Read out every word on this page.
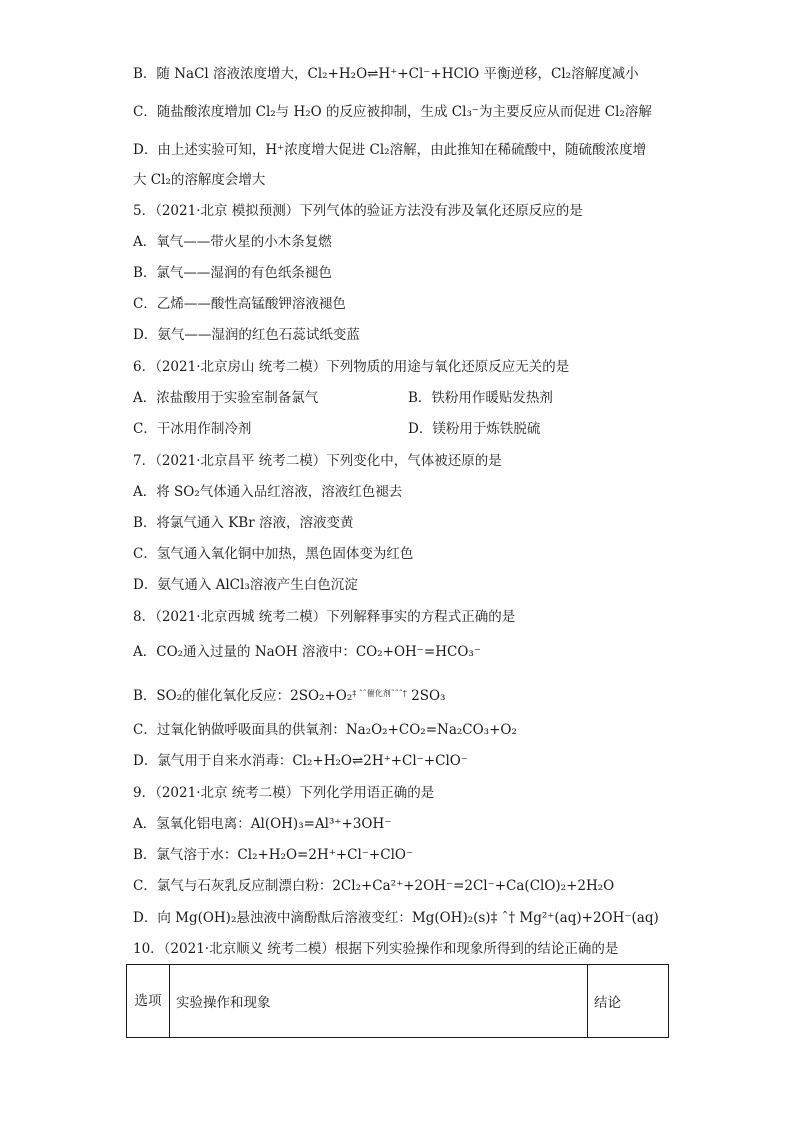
B．随 NaCl 溶液浓度增大，Cl₂+H₂O⇌H⁺+Cl⁻+HClO 平衡逆移，Cl₂溶解度减小
C．随盐酸浓度增加 Cl₂与 H₂O 的反应被抑制，生成 Cl₃⁻为主要反应从而促进 Cl₂溶解
D．由上述实验可知，H⁺浓度增大促进 Cl₂溶解，由此推知在稀硫酸中，随硫酸浓度增
大 Cl₂的溶解度会增大
5．（2021·北京 模拟预测）下列气体的验证方法没有涉及氧化还原反应的是
A．氧气——带火星的小木条复燃
B．氯气——湿润的有色纸条褪色
C．乙烯——酸性高锰酸钾溶液褪色
D．氨气——湿润的红色石蕊试纸变蓝
6．（2021·北京房山 统考二模）下列物质的用途与氧化还原反应无关的是
A．浓盐酸用于实验室制备氯气	B．铁粉用作暖贴发热剂
C．干冰用作制冷剂	D．镁粉用于炼铁脱硫
7．（2021·北京昌平 统考二模）下列变化中，气体被还原的是
A．将 SO₂气体通入品红溶液，溶液红色褪去
B．将氯气通入 KBr 溶液，溶液变黄
C．氢气通入氧化铜中加热，黑色固体变为红色
D．氨气通入 AlCl₃溶液产生白色沉淀
8．（2021·北京西城 统考二模）下列解释事实的方程式正确的是
A．CO₂通入过量的 NaOH 溶液中：CO₂+OH⁻=HCO₃⁻
B．SO₂的催化氧化反应：2SO₂+O₂$^{\ddagger ˆ˜催化剂˜˜ˆ\dagger}$ 2SO₃
C．过氧化钠做呼吸面具的供氧剂：Na₂O₂+CO₂=Na₂CO₃+O₂
D．氯气用于自来水消毒：Cl₂+H₂O⇌2H⁺+Cl⁻+ClO⁻
9．（2021·北京 统考二模）下列化学用语正确的是
A．氢氧化铝电离：Al(OH)₃=Al³⁺+3OH⁻
B．氯气溶于水：Cl₂+H₂O=2H⁺+Cl⁻+ClO⁻
C．氯气与石灰乳反应制漂白粉：2Cl₂+Ca²⁺+2OH⁻=2Cl⁻+Ca(ClO)₂+2H₂O
D．向 Mg(OH)₂悬浊液中滴酚酞后溶液变红：Mg(OH)₂(s)‡ ˆ† Mg²⁺(aq)+2OH⁻(aq)
10．（2021·北京顺义 统考二模）根据下列实验操作和现象所得到的结论正确的是
选项	实验操作和现象	结论
